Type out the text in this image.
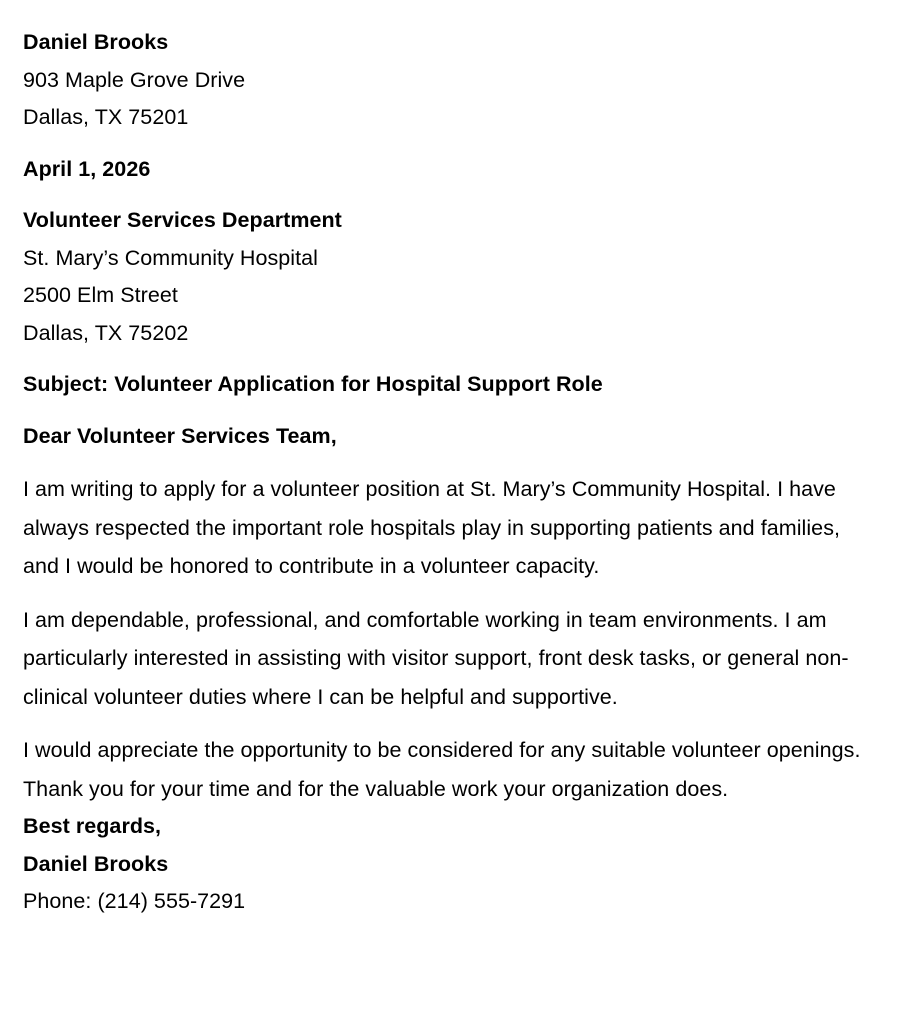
Daniel Brooks
903 Maple Grove Drive
Dallas, TX 75201
April 1, 2026
Volunteer Services Department
St. Mary’s Community Hospital
2500 Elm Street
Dallas, TX 75202
Subject: Volunteer Application for Hospital Support Role
Dear Volunteer Services Team,

I am writing to apply for a volunteer position at St. Mary’s Community Hospital. I have always respected the important role hospitals play in supporting patients and families, and I would be honored to contribute in a volunteer capacity.

I am dependable, professional, and comfortable working in team environments. I am particularly interested in assisting with visitor support, front desk tasks, or general non-clinical volunteer duties where I can be helpful and supportive.

I would appreciate the opportunity to be considered for any suitable volunteer openings. Thank you for your time and for the valuable work your organization does.

Best regards,
Daniel Brooks
Phone: (214) 555-7291
